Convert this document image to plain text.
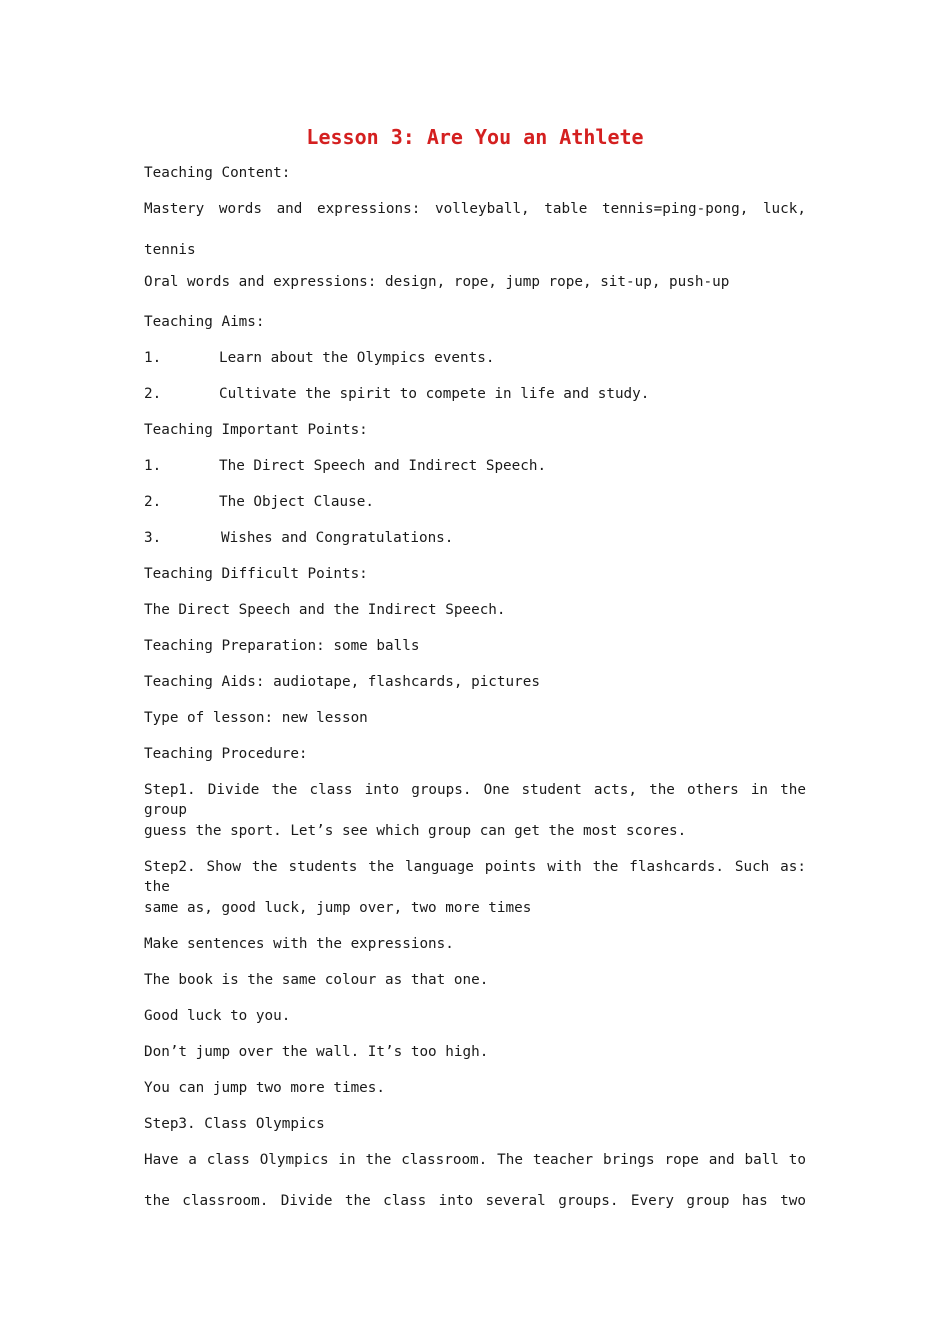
Lesson 3: Are You an Athlete
Teaching Content:
Mastery words and expressions: volleyball, table tennis=ping-pong, luck,
tennis
Oral words and expressions: design, rope, jump rope, sit-up, push-up
Teaching Aims:
1.	Learn about the Olympics events.
2.	Cultivate the spirit to compete in life and study.
Teaching Important Points:
1.	The Direct Speech and Indirect Speech.
2.	The Object Clause.
3.	Wishes and Congratulations.
Teaching Difficult Points:
The Direct Speech and the Indirect Speech.
Teaching Preparation: some balls
Teaching Aids: audiotape, flashcards, pictures
Type of lesson: new lesson
Teaching Procedure:
Step1. Divide the class into groups. One student acts, the others in the group
guess the sport. Let’s see which group can get the most scores.
Step2. Show the students the language points with the flashcards. Such as: the
same as, good luck, jump over, two more times
Make sentences with the expressions.
The book is the same colour as that one.
Good luck to you.
Don’t jump over the wall. It’s too high.
You can jump two more times.
Step3. Class Olympics
Have a class Olympics in the classroom. The teacher brings rope and ball to
the classroom. Divide the class into several groups. Every group has two
